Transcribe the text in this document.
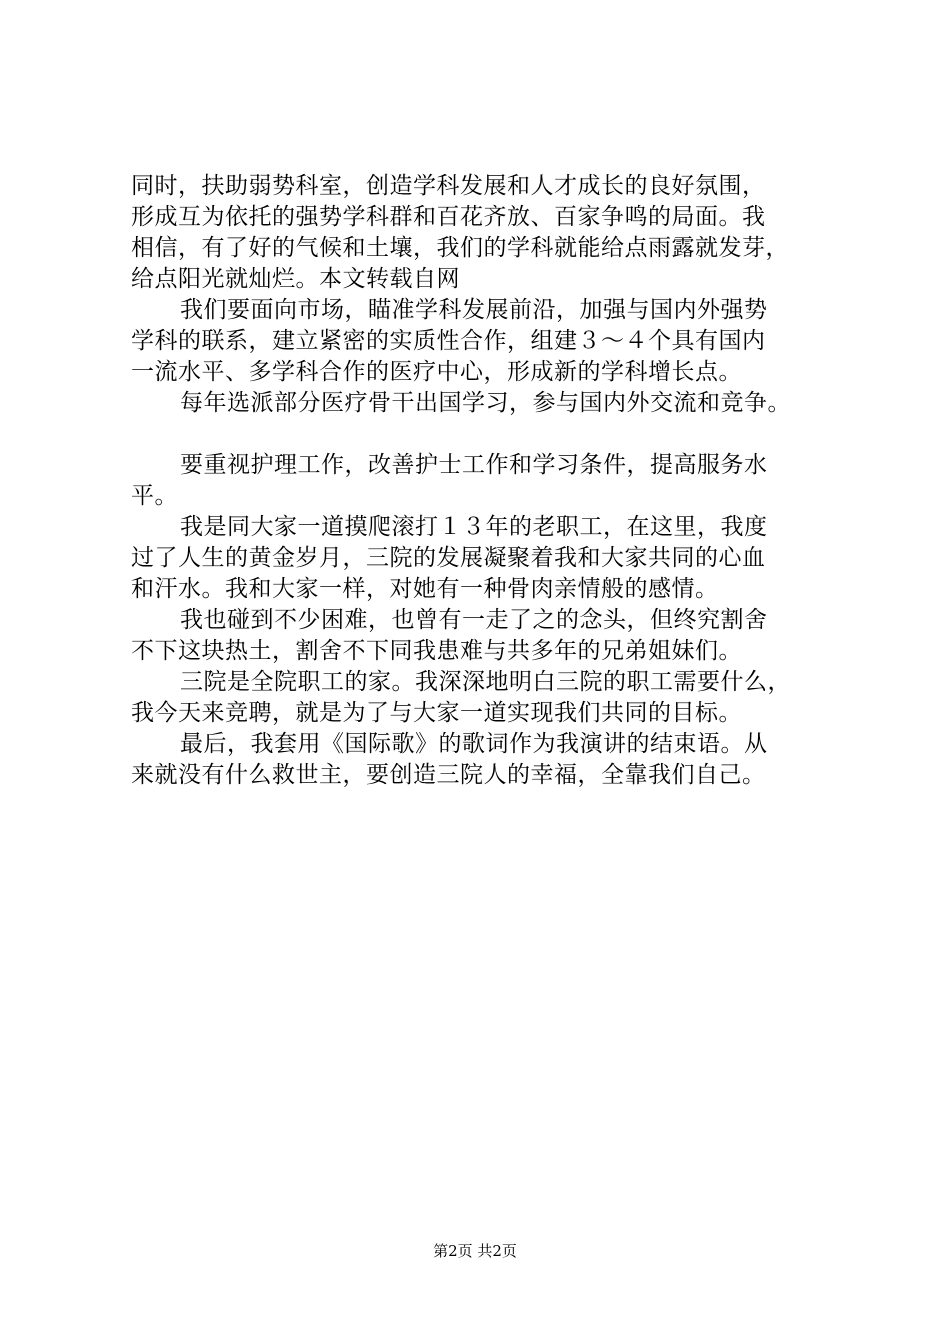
同时，扶助弱势科室，创造学科发展和人才成长的良好氛围，
形成互为依托的强势学科群和百花齐放、百家争鸣的局面。我
相信，有了好的气候和土壤，我们的学科就能给点雨露就发芽，
给点阳光就灿烂。本文转载自网
我们要面向市场，瞄准学科发展前沿，加强与国内外强势
学科的联系，建立紧密的实质性合作，组建３～４个具有国内
一流水平、多学科合作的医疗中心，形成新的学科增长点。
每年选派部分医疗骨干出国学习，参与国内外交流和竞争。
要重视护理工作，改善护士工作和学习条件，提高服务水
平。
我是同大家一道摸爬滚打１３年的老职工，在这里，我度
过了人生的黄金岁月，三院的发展凝聚着我和大家共同的心血
和汗水。我和大家一样，对她有一种骨肉亲情般的感情。
我也碰到不少困难，也曾有一走了之的念头，但终究割舍
不下这块热土，割舍不下同我患难与共多年的兄弟姐妹们。
三院是全院职工的家。我深深地明白三院的职工需要什么，
我今天来竞聘，就是为了与大家一道实现我们共同的目标。
最后，我套用《国际歌》的歌词作为我演讲的结束语。从
来就没有什么救世主，要创造三院人的幸福，全靠我们自己。
第2页 共2页
